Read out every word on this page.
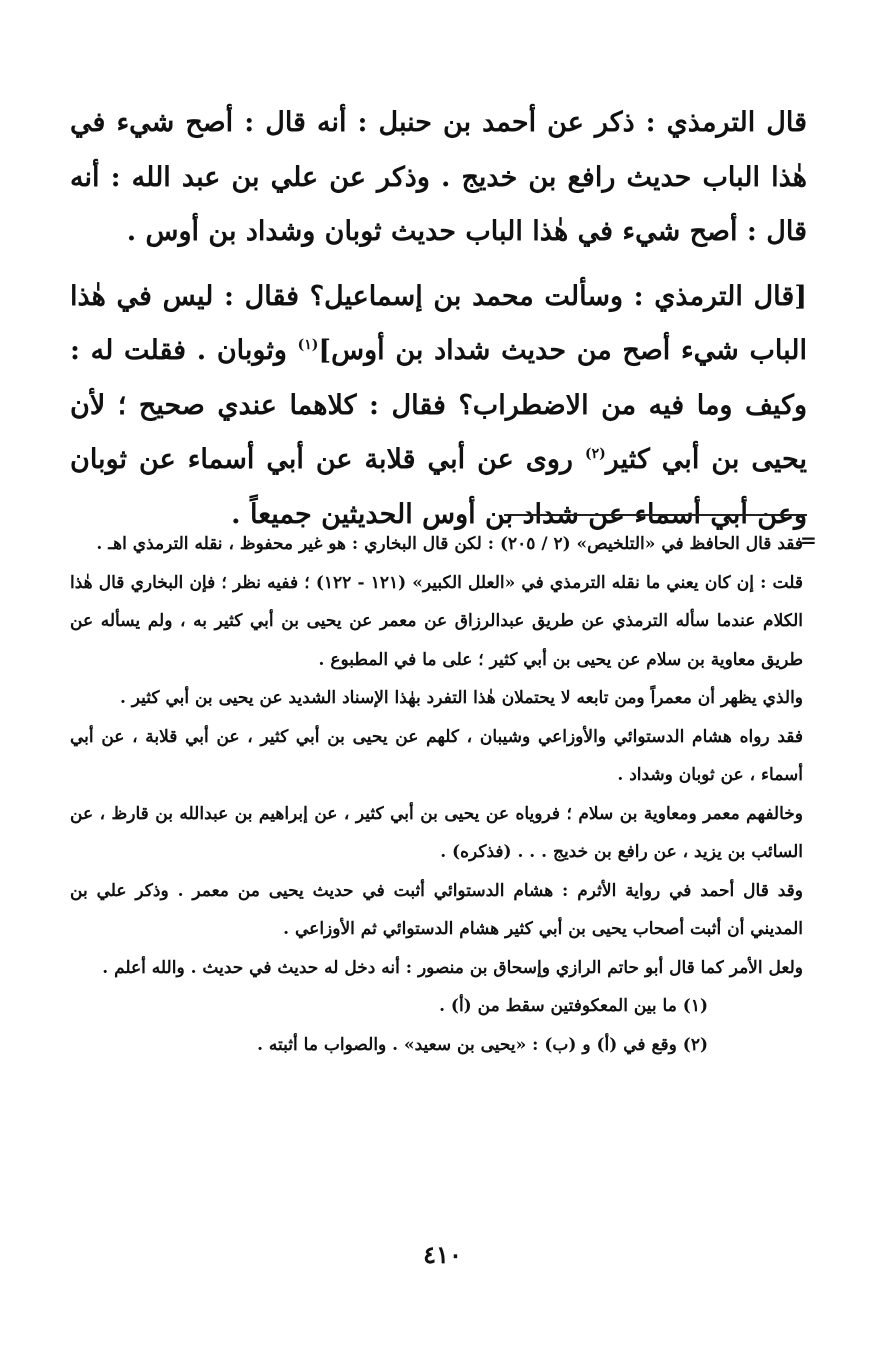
قال الترمذي : ذكر عن أحمد بن حنبل : أنه قال : أصح شيء في هٰذا الباب حديث رافع بن خديج . وذكر عن علي بن عبد الله : أنه قال : أصح شيء في هٰذا الباب حديث ثوبان وشداد بن أوس .

[قال الترمذي : وسألت محمد بن إسماعيل؟ فقال : ليس في هٰذا الباب شيء أصح من حديث شداد بن أوس]$^{(١)}$ وثوبان . فقلت له : وكيف وما فيه من الاضطراب؟ فقال : كلاهما عندي صحيح ؛ لأن يحيى بن أبي كثير$^{(٢)}$ روى عن أبي قلابة عن أبي أسماء عن ثوبان وعن أبي أسماء عن شداد بن أوس الحديثين جميعاً .

=

فقد قال الحافظ في «التلخيص» (٢ / ٢٠٥) : لكن قال البخاري : هو غير محفوظ ، نقله الترمذي اهـ .

قلت : إن كان يعني ما نقله الترمذي في «العلل الكبير» (١٢١ - ١٢٢) ؛ ففيه نظر ؛ فإن البخاري قال هٰذا الكلام عندما سأله الترمذي عن طريق عبدالرزاق عن معمر عن يحيى بن أبي كثير به ، ولم يسأله عن طريق معاوية بن سلام عن يحيى بن أبي كثير ؛ على ما في المطبوع .

والذي يظهر أن معمراً ومن تابعه لا يحتملان هٰذا التفرد بهٰذا الإسناد الشديد عن يحيى بن أبي كثير .

فقد رواه هشام الدستوائي والأوزاعي وشيبان ، كلهم عن يحيى بن أبي كثير ، عن أبي قلابة ، عن أبي أسماء ، عن ثوبان وشداد .

وخالفهم معمر ومعاوية بن سلام ؛ فروياه عن يحيى بن أبي كثير ، عن إبراهيم بن عبدالله بن قارظ ، عن السائب بن يزيد ، عن رافع بن خديج . . . (فذكره) .

وقد قال أحمد في رواية الأثرم : هشام الدستوائي أثبت في حديث يحيى من معمر . وذكر علي بن المديني أن أثبت أصحاب يحيى بن أبي كثير هشام الدستوائي ثم الأوزاعي .

ولعل الأمر كما قال أبو حاتم الرازي وإسحاق بن منصور : أنه دخل له حديث في حديث . والله أعلم .

(١) ما بين المعكوفتين سقط من (أ) .

(٢) وقع في (أ) و (ب) : «يحيى بن سعيد» . والصواب ما أثبته .

٤١٠
